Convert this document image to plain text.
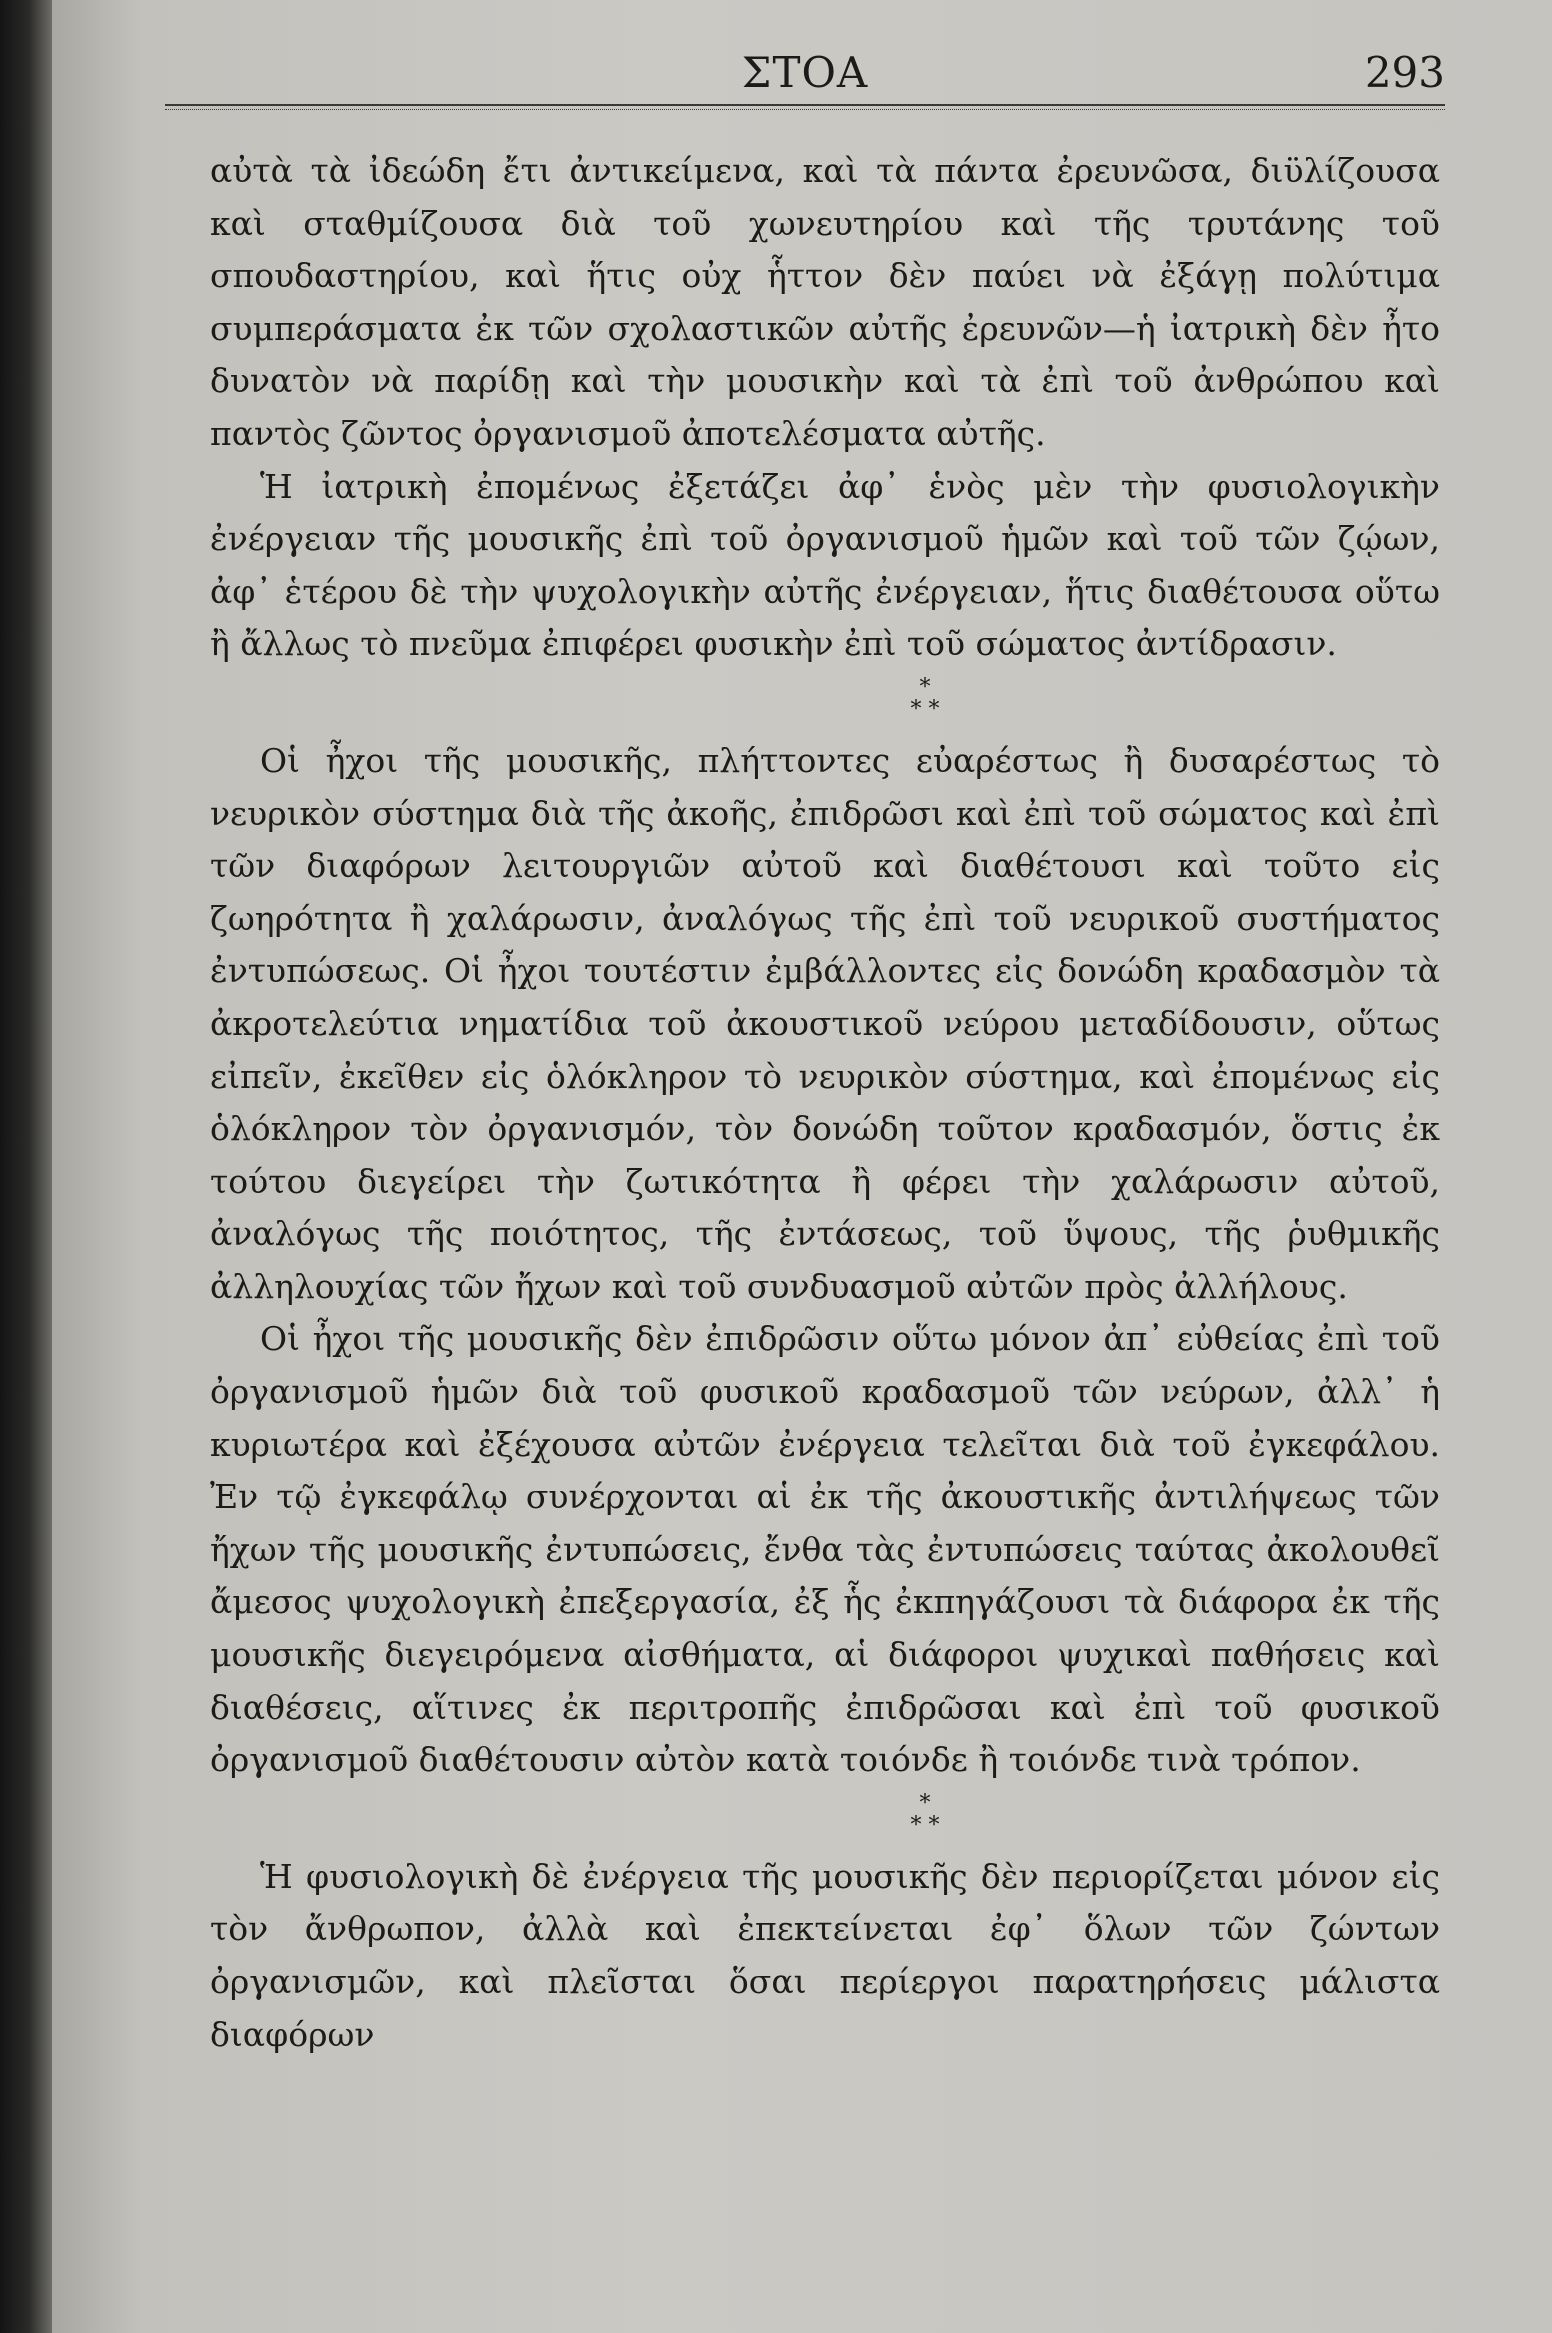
ΣΤΟΑ	293

αὐτὰ τὰ ἰδεώδη ἔτι ἀντικείμενα, καὶ τὰ πάντα ἐρευνῶσα, διϋλίζουσα καὶ σταθμίζουσα διὰ τοῦ χωνευτηρίου καὶ τῆς τρυτάνης τοῦ σπουδαστηρίου, καὶ ἥτις οὐχ ἧττον δὲν παύει νὰ ἐξάγῃ πολύτιμα συμπεράσματα ἐκ τῶν σχολαστικῶν αὐτῆς ἐρευνῶν—ἡ ἰατρικὴ δὲν ἦτο δυνατὸν νὰ παρίδῃ καὶ τὴν μουσικὴν καὶ τὰ ἐπὶ τοῦ ἀνθρώπου καὶ παντὸς ζῶντος ὀργανισμοῦ ἀποτελέσματα αὐτῆς.

Ἡ ἰατρικὴ ἐπομένως ἐξετάζει ἀφ᾽ ἑνὸς μὲν τὴν φυσιολογικὴν ἐνέργειαν τῆς μουσικῆς ἐπὶ τοῦ ὀργανισμοῦ ἡμῶν καὶ τοῦ τῶν ζῴων, ἀφ᾽ ἑτέρου δὲ τὴν ψυχολογικὴν αὐτῆς ἐνέργειαν, ἥτις διαθέτουσα οὕτω ἢ ἄλλως τὸ πνεῦμα ἐπιφέρει φυσικὴν ἐπὶ τοῦ σώματος ἀντίδρασιν.

*
* *

Οἱ ἦχοι τῆς μουσικῆς, πλήττοντες εὐαρέστως ἢ δυσαρέστως τὸ νευρικὸν σύστημα διὰ τῆς ἀκοῆς, ἐπιδρῶσι καὶ ἐπὶ τοῦ σώματος καὶ ἐπὶ τῶν διαφόρων λειτουργιῶν αὐτοῦ καὶ διαθέτουσι καὶ τοῦτο εἰς ζωηρότητα ἢ χαλάρωσιν, ἀναλόγως τῆς ἐπὶ τοῦ νευρικοῦ συστήματος ἐντυπώσεως. Οἱ ἦχοι τουτέστιν ἐμβάλλοντες εἰς δονώδη κραδασμὸν τὰ ἀκροτελεύτια νηματίδια τοῦ ἀκουστικοῦ νεύρου μεταδίδουσιν, οὕτως εἰπεῖν, ἐκεῖθεν εἰς ὁλόκληρον τὸ νευρικὸν σύστημα, καὶ ἐπομένως εἰς ὁλόκληρον τὸν ὀργανισμόν, τὸν δονώδη τοῦτον κραδασμόν, ὅστις ἐκ τούτου διεγείρει τὴν ζωτικότητα ἢ φέρει τὴν χαλάρωσιν αὐτοῦ, ἀναλόγως τῆς ποιότητος, τῆς ἐντάσεως, τοῦ ὕψους, τῆς ῥυθμικῆς ἀλληλουχίας τῶν ἤχων καὶ τοῦ συνδυασμοῦ αὐτῶν πρὸς ἀλλήλους.

Οἱ ἦχοι τῆς μουσικῆς δὲν ἐπιδρῶσιν οὕτω μόνον ἀπ᾽ εὐθείας ἐπὶ τοῦ ὀργανισμοῦ ἡμῶν διὰ τοῦ φυσικοῦ κραδασμοῦ τῶν νεύρων, ἀλλ᾽ ἡ κυριωτέρα καὶ ἐξέχουσα αὐτῶν ἐνέργεια τελεῖται διὰ τοῦ ἐγκεφάλου. Ἐν τῷ ἐγκεφάλῳ συνέρχονται αἱ ἐκ τῆς ἀκουστικῆς ἀντιλήψεως τῶν ἤχων τῆς μουσικῆς ἐντυπώσεις, ἔνθα τὰς ἐντυπώσεις ταύτας ἀκολουθεῖ ἄμεσος ψυχολογικὴ ἐπεξεργασία, ἐξ ἧς ἐκπηγάζουσι τὰ διάφορα ἐκ τῆς μουσικῆς διεγειρόμενα αἰσθήματα, αἱ διάφοροι ψυχικαὶ παθήσεις καὶ διαθέσεις, αἵτινες ἐκ περιτροπῆς ἐπιδρῶσαι καὶ ἐπὶ τοῦ φυσικοῦ ὀργανισμοῦ διαθέτουσιν αὐτὸν κατὰ τοιόνδε ἢ τοιόνδε τινὰ τρόπον.

*
* *

Ἡ φυσιολογικὴ δὲ ἐνέργεια τῆς μουσικῆς δὲν περιορίζεται μόνον εἰς τὸν ἄνθρωπον, ἀλλὰ καὶ ἐπεκτείνεται ἐφ᾽ ὅλων τῶν ζώντων ὀργανισμῶν, καὶ πλεῖσται ὅσαι περίεργοι παρατηρήσεις μάλιστα διαφόρων
